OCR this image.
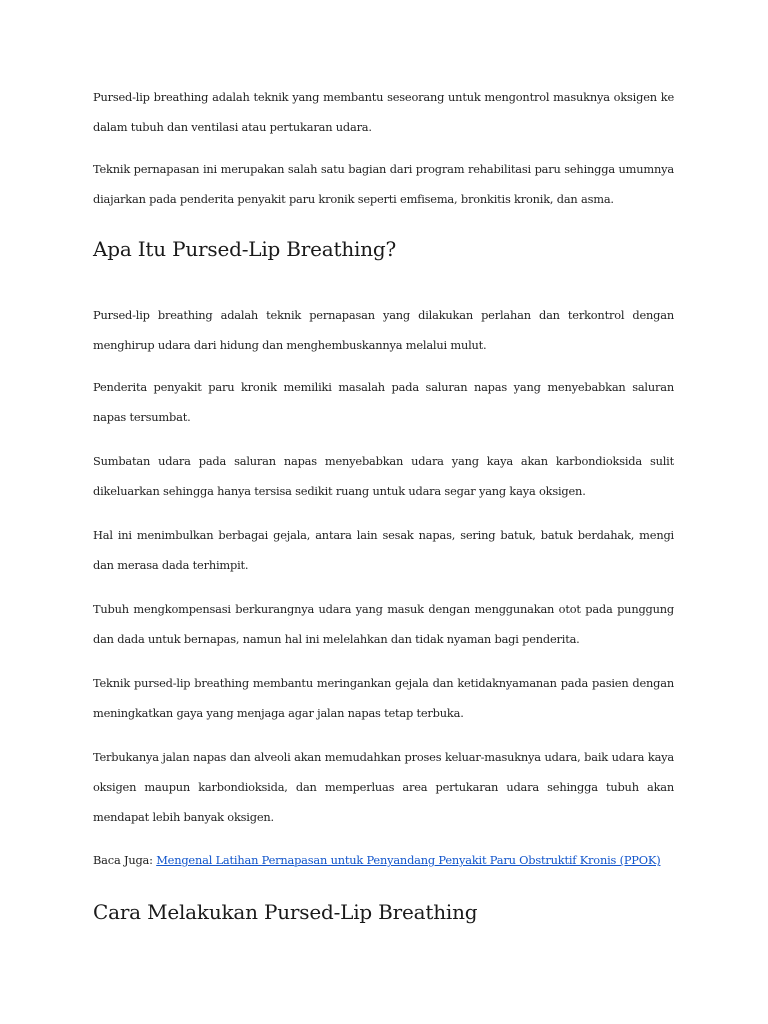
Pursed-lip breathing adalah teknik yang membantu seseorang untuk mengontrol masuknya oksigen ke dalam tubuh dan ventilasi atau pertukaran udara.

Teknik pernapasan ini merupakan salah satu bagian dari program rehabilitasi paru sehingga umumnya diajarkan pada penderita penyakit paru kronik seperti emfisema, bronkitis kronik, dan asma.

Apa Itu Pursed-Lip Breathing?

Pursed-lip breathing adalah teknik pernapasan yang dilakukan perlahan dan terkontrol dengan menghirup udara dari hidung dan menghembuskannya melalui mulut.

Penderita penyakit paru kronik memiliki masalah pada saluran napas yang menyebabkan saluran napas tersumbat.

Sumbatan udara pada saluran napas menyebabkan udara yang kaya akan karbondioksida sulit dikeluarkan sehingga hanya tersisa sedikit ruang untuk udara segar yang kaya oksigen.

Hal ini menimbulkan berbagai gejala, antara lain sesak napas, sering batuk, batuk berdahak, mengi dan merasa dada terhimpit.

Tubuh mengkompensasi berkurangnya udara yang masuk dengan menggunakan otot pada punggung dan dada untuk bernapas, namun hal ini melelahkan dan tidak nyaman bagi penderita.

Teknik pursed-lip breathing membantu meringankan gejala dan ketidaknyamanan pada pasien dengan meningkatkan gaya yang menjaga agar jalan napas tetap terbuka.

Terbukanya jalan napas dan alveoli akan memudahkan proses keluar-masuknya udara, baik udara kaya oksigen maupun karbondioksida, dan memperluas area pertukaran udara sehingga tubuh akan mendapat lebih banyak oksigen.

Baca Juga: Mengenal Latihan Pernapasan untuk Penyandang Penyakit Paru Obstruktif Kronis (PPOK)

Cara Melakukan Pursed-Lip Breathing
